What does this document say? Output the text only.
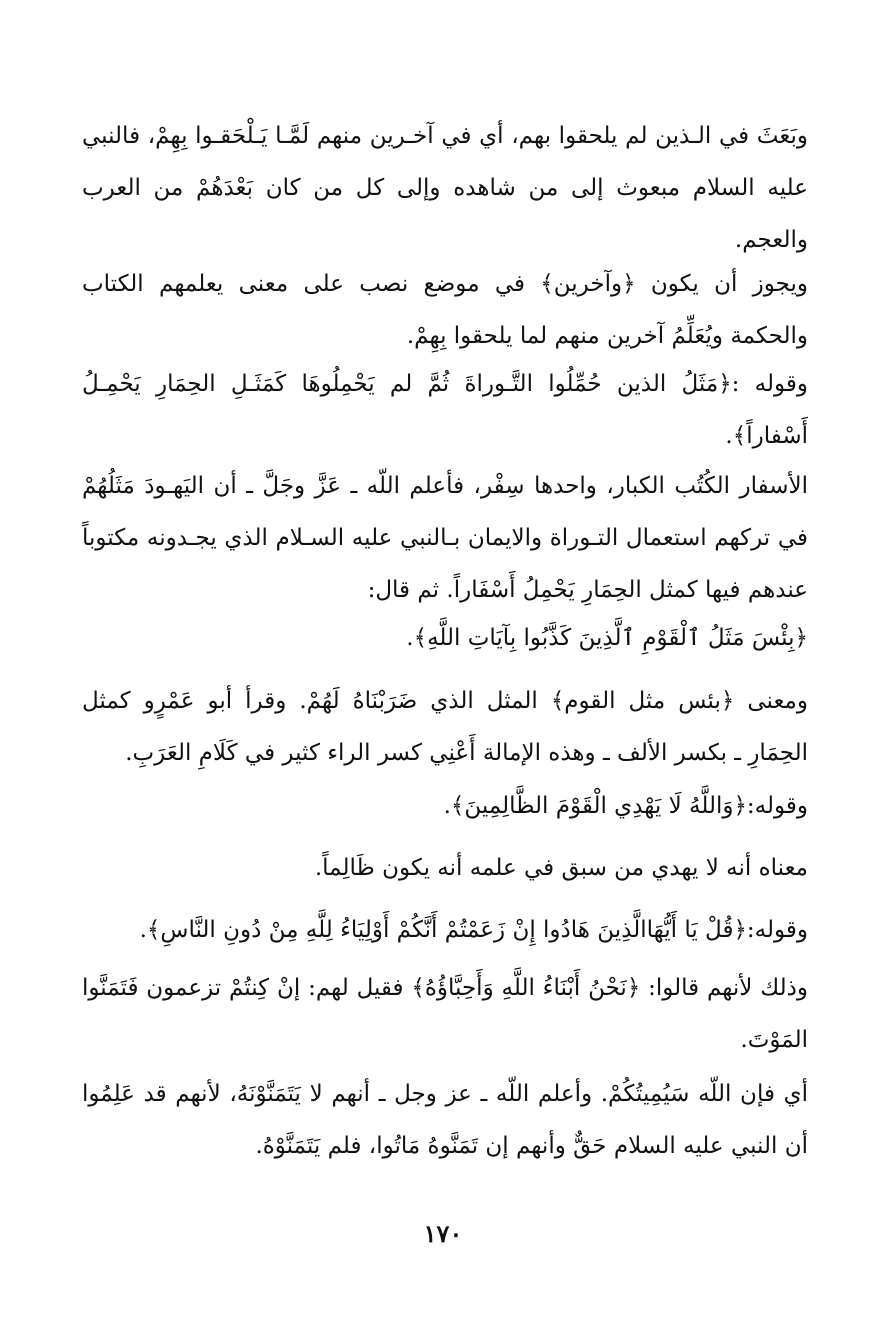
وبَعَثَ في الـذين لم يلحقوا بهم، أي في آخـرين منهم لَمَّـا يَـلْحَقـوا بِهِمْ، فالنبي عليه السلام مبعوث إلى من شاهده وإلى كل من كان بَعْدَهُمْ من العرب والعجم.

ويجوز أن يكون ﴿وآخرين﴾ في موضع نصب على معنى يعلمهم الكتاب والحكمة ويُعَلِّمُ آخرين منهم لما يلحقوا بِهِمْ.

وقوله :﴿مَثَلُ الذين حُمِّلُوا التَّـوراةَ ثُمَّ لم يَحْمِلُوهَا كَمَثَـلِ الحِمَارِ يَحْمِـلُ أَسْفاراً﴾.

الأسفار الكُتُب الكبار، واحدها سِفْر، فأعلم اللّه ـ عَزَّ وجَلَّ ـ أن اليَهـودَ مَثَلُهُمْ في تركهم استعمال التـوراة والايمان بـالنبي عليه السـلام الذي يجـدونه مكتوباً عندهم فيها كمثل الحِمَارِ يَحْمِلُ أَسْفَاراً. ثم قال:

﴿بِئْسَ مَثَلُ ٱلْقَوْمِ ٱلَّذِينَ كَذَّبُوا بِآيَاتِ اللَّهِ﴾.

ومعنى ﴿بئس مثل القوم﴾ المثل الذي ضَرَبْنَاهُ لَهُمْ. وقرأ أبو عَمْرٍو كمثل الحِمَارِ ـ بكسر الألف ـ وهذه الإمالة أَعْنِي كسر الراء كثير في كَلَامِ العَرَبِ.

وقوله:﴿وَاللَّهُ لَا يَهْدِي الْقَوْمَ الظَّالِمِينَ﴾.

معناه أنه لا يهدي من سبق في علمه أنه يكون ظَالِماً.

وقوله:﴿قُلْ يَا أَيُّهَاالَّذِينَ هَادُوا إِنْ زَعَمْتُمْ أَنَّكُمْ أَوْلِيَاءُ لِلَّهِ مِنْ دُونِ النَّاسِ﴾.

وذلك لأنهم قالوا: ﴿نَحْنُ أَبْنَاءُ اللَّهِ وَأَحِبَّاؤُهُ﴾ فقيل لهم: إنْ كِنتُمْ تزعمون فَتَمَنَّوا المَوْتَ.

أي فإن اللّه سَيُمِيتُكُمْ. وأعلم اللّه ـ عز وجل ـ أنهم لا يَتَمَنَّوْنَهُ، لأنهم قد عَلِمُوا أن النبي عليه السلام حَقٌّ وأنهم إن تَمَنَّوهُ مَاتُوا، فلم يَتَمَنَّوْهُ.

١٧٠
